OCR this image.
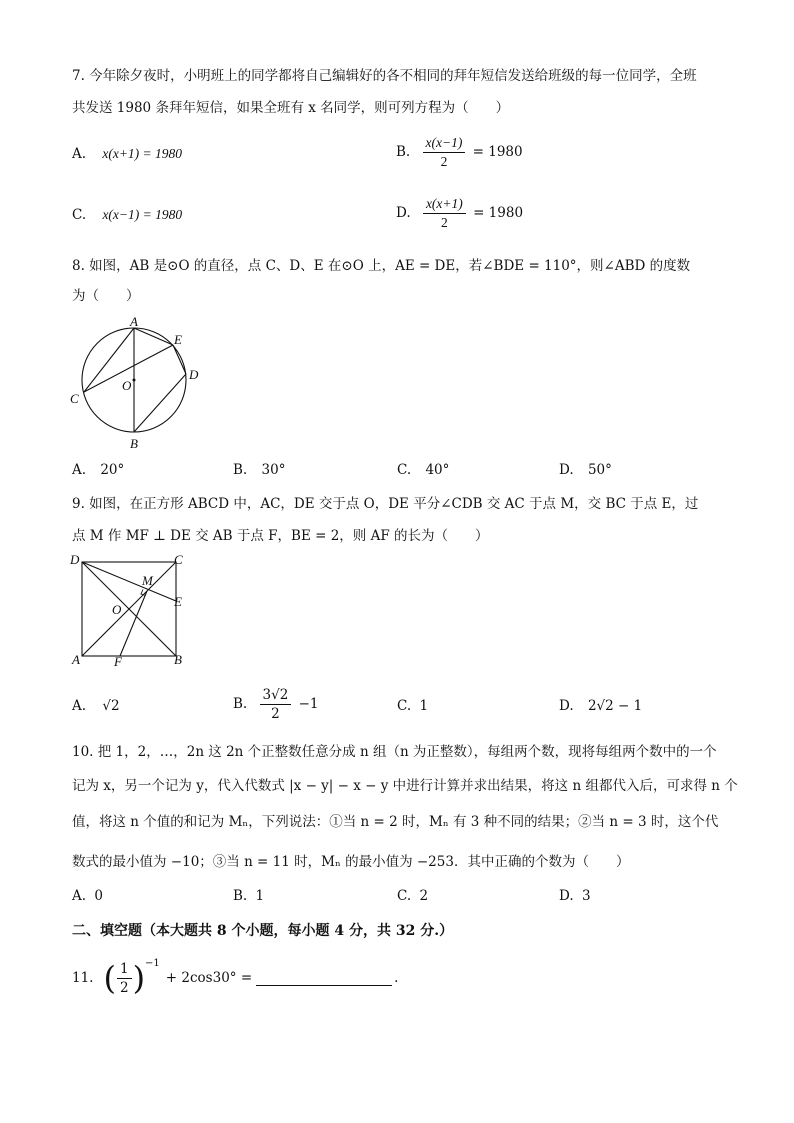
7. 今年除夕夜时，小明班上的同学都将自己编辑好的各不相同的拜年短信发送给班级的每一位同学，全班
共发送 1980 条拜年短信，如果全班有 x 名同学，则可列方程为（　　）
A. x(x+1) = 1980	B. $\frac{x(x-1)}{2} = 1980$
C. x(x−1) = 1980	D. $\frac{x(x+1)}{2} = 1980$
8. 如图，AB 是⊙O 的直径，点 C、D、E 在⊙O 上，AE = DE，若∠BDE = 110°，则∠ABD 的度数
为（　　）
A
E
D
C
O
B
A. 20°	B. 30°	C. 40°	D. 50°
9. 如图，在正方形 ABCD 中，AC，DE 交于点 O，DE 平分∠CDB 交 AC 于点 M，交 BC 于点 E，过
点 M 作 MF ⊥ DE 交 AB 于点 F，BE = 2，则 AF 的长为（　　）
D	C
M
O
E
A	F	B
A. √2	B. $\frac{3√2}{2} -1$	C. 1	D. 2√2 − 1
10. 把 1，2，…，2n 这 2n 个正整数任意分成 n 组（n 为正整数），每组两个数，现将每组两个数中的一个
记为 x，另一个记为 y，代入代数式 |x − y| − x − y 中进行计算并求出结果，将这 n 组都代入后，可求得 n 个
值，将这 n 个值的和记为 Mₙ，下列说法：①当 n = 2 时，Mₙ 有 3 种不同的结果；②当 n = 3 时，这个代
数式的最小值为 −10；③当 n = 11 时，Mₙ 的最小值为 −253．其中正确的个数为（　　）
A. 0	B. 1	C. 2	D. 3
二、填空题（本大题共 8 个小题，每小题 4 分，共 32 分.）
11. ( $\frac{1}{2}$ ) −1
+ 2cos30° =	.
